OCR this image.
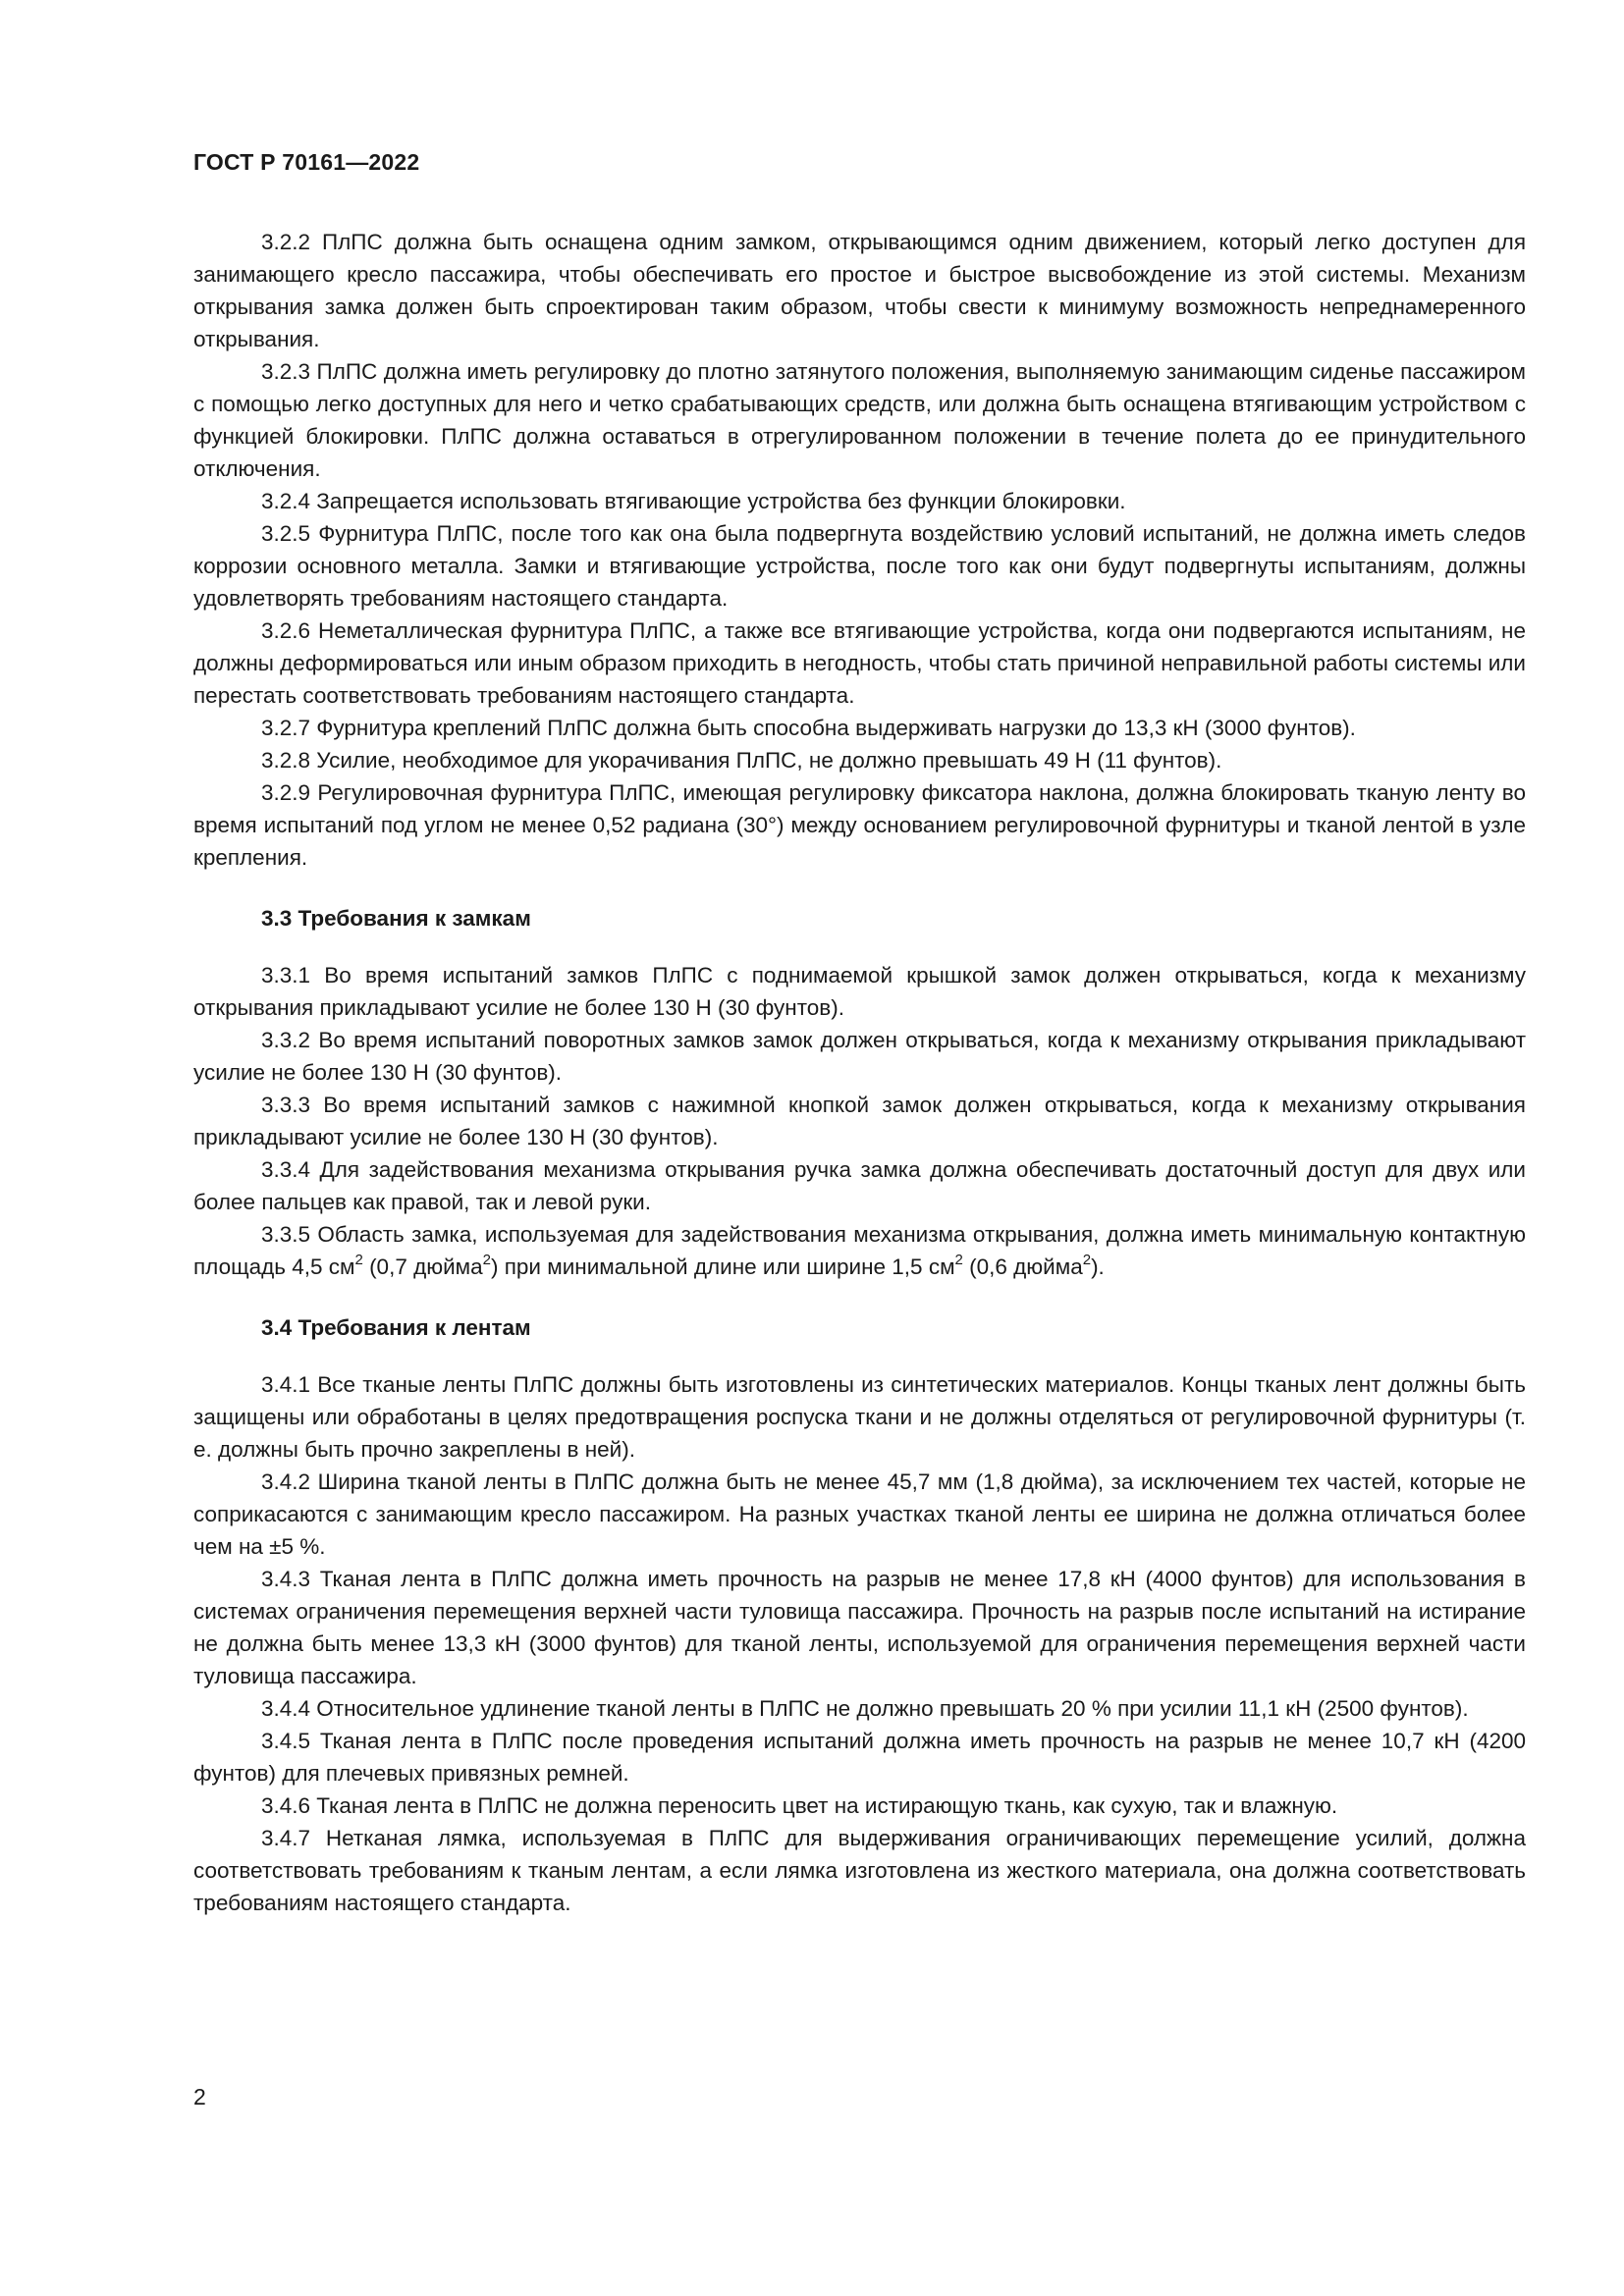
ГОСТ Р 70161—2022

3.2.2 ПлПС должна быть оснащена одним замком, открывающимся одним движением, который легко доступен для занимающего кресло пассажира, чтобы обеспечивать его простое и быстрое высвобождение из этой системы. Механизм открывания замка должен быть спроектирован таким образом, чтобы свести к минимуму возможность непреднамеренного открывания.

3.2.3 ПлПС должна иметь регулировку до плотно затянутого положения, выполняемую занимающим сиденье пассажиром с помощью легко доступных для него и четко срабатывающих средств, или должна быть оснащена втягивающим устройством с функцией блокировки. ПлПС должна оставаться в отрегулированном положении в течение полета до ее принудительного отключения.

3.2.4 Запрещается использовать втягивающие устройства без функции блокировки.

3.2.5 Фурнитура ПлПС, после того как она была подвергнута воздействию условий испытаний, не должна иметь следов коррозии основного металла. Замки и втягивающие устройства, после того как они будут подвергнуты испытаниям, должны удовлетворять требованиям настоящего стандарта.

3.2.6 Неметаллическая фурнитура ПлПС, а также все втягивающие устройства, когда они подвергаются испытаниям, не должны деформироваться или иным образом приходить в негодность, чтобы стать причиной неправильной работы системы или перестать соответствовать требованиям настоящего стандарта.

3.2.7 Фурнитура креплений ПлПС должна быть способна выдерживать нагрузки до 13,3 кН (3000 фунтов).

3.2.8 Усилие, необходимое для укорачивания ПлПС, не должно превышать 49 Н (11 фунтов).

3.2.9 Регулировочная фурнитура ПлПС, имеющая регулировку фиксатора наклона, должна блокировать тканую ленту во время испытаний под углом не менее 0,52 радиана (30°) между основанием регулировочной фурнитуры и тканой лентой в узле крепления.

3.3 Требования к замкам

3.3.1 Во время испытаний замков ПлПС с поднимаемой крышкой замок должен открываться, когда к механизму открывания прикладывают усилие не более 130 Н (30 фунтов).

3.3.2 Во время испытаний поворотных замков замок должен открываться, когда к механизму открывания прикладывают усилие не более 130 Н (30 фунтов).

3.3.3 Во время испытаний замков с нажимной кнопкой замок должен открываться, когда к механизму открывания прикладывают усилие не более 130 Н (30 фунтов).

3.3.4 Для задействования механизма открывания ручка замка должна обеспечивать достаточный доступ для двух или более пальцев как правой, так и левой руки.

3.3.5 Область замка, используемая для задействования механизма открывания, должна иметь минимальную контактную площадь 4,5 $см^2$ (0,7 дюйма$^2$) при минимальной длине или ширине 1,5 $см^2$ (0,6 дюйма$^2$).

3.4 Требования к лентам

3.4.1 Все тканые ленты ПлПС должны быть изготовлены из синтетических материалов. Концы тканых лент должны быть защищены или обработаны в целях предотвращения роспуска ткани и не должны отделяться от регулировочной фурнитуры (т. е. должны быть прочно закреплены в ней).

3.4.2 Ширина тканой ленты в ПлПС должна быть не менее 45,7 мм (1,8 дюйма), за исключением тех частей, которые не соприкасаются с занимающим кресло пассажиром. На разных участках тканой ленты ее ширина не должна отличаться более чем на ±5 %.

3.4.3 Тканая лента в ПлПС должна иметь прочность на разрыв не менее 17,8 кН (4000 фунтов) для использования в системах ограничения перемещения верхней части туловища пассажира. Прочность на разрыв после испытаний на истирание не должна быть менее 13,3 кН (3000 фунтов) для тканой ленты, используемой для ограничения перемещения верхней части туловища пассажира.

3.4.4 Относительное удлинение тканой ленты в ПлПС не должно превышать 20 % при усилии 11,1 кН (2500 фунтов).

3.4.5 Тканая лента в ПлПС после проведения испытаний должна иметь прочность на разрыв не менее 10,7 кН (4200 фунтов) для плечевых привязных ремней.

3.4.6 Тканая лента в ПлПС не должна переносить цвет на истирающую ткань, как сухую, так и влажную.

3.4.7 Нетканая лямка, используемая в ПлПС для выдерживания ограничивающих перемещение усилий, должна соответствовать требованиям к тканым лентам, а если лямка изготовлена из жесткого материала, она должна соответствовать требованиям настоящего стандарта.

2
